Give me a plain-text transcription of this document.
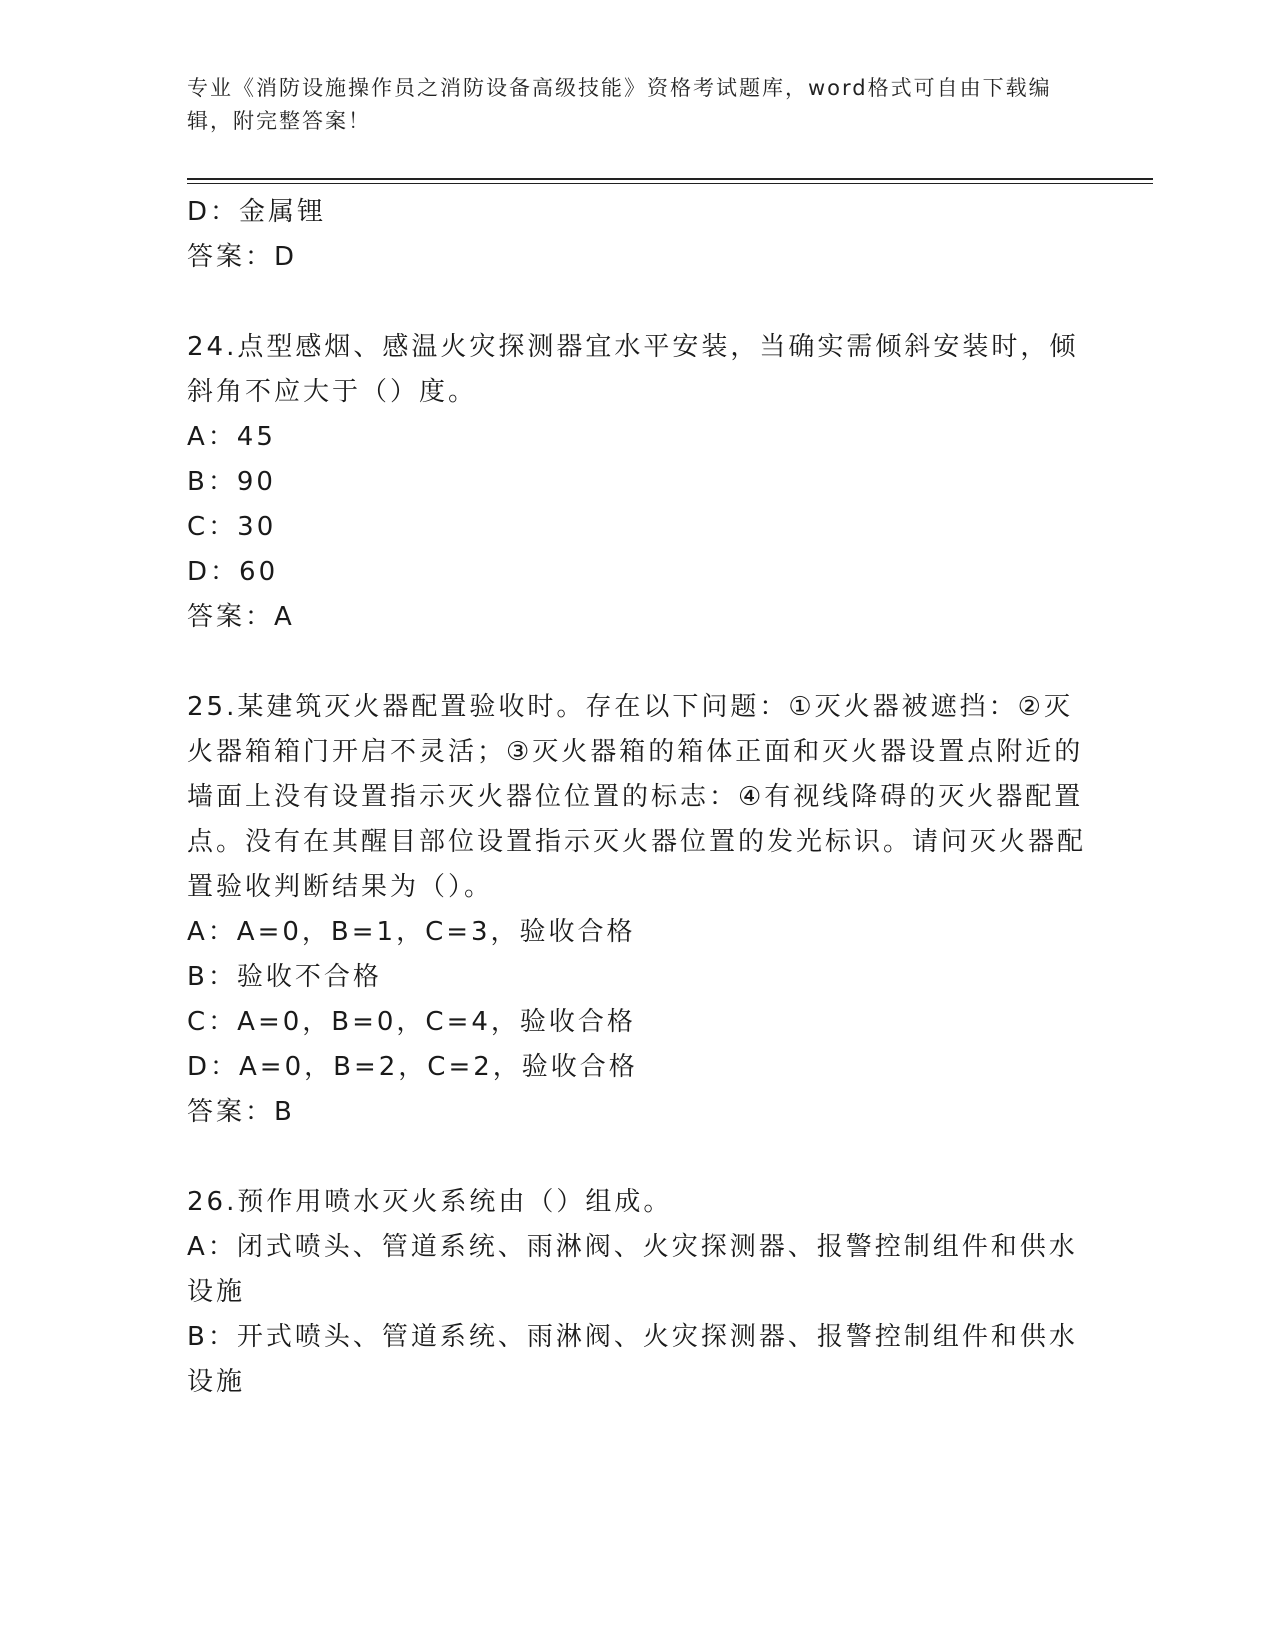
专业《消防设施操作员之消防设备高级技能》资格考试题库，word格式可自由下载编辑，附完整答案！
D：金属锂
答案：D
24.点型感烟、感温火灾探测器宜水平安装，当确实需倾斜安装时，倾斜角不应大于（）度。
A：45
B：90
C：30
D：60
答案：A
25.某建筑灭火器配置验收时。存在以下问题：①灭火器被遮挡：②灭火器箱箱门开启不灵活；③灭火器箱的箱体正面和灭火器设置点附近的墙面上没有设置指示灭火器位位置的标志：④有视线降碍的灭火器配置点。没有在其醒目部位设置指示灭火器位置的发光标识。请问灭火器配置验收判断结果为（）。
A：A=0，B=1，C=3，验收合格
B：验收不合格
C：A=0，B=0，C=4，验收合格
D：A=0，B=2，C=2，验收合格
答案：B
26.预作用喷水灭火系统由（）组成。
A：闭式喷头、管道系统、雨淋阀、火灾探测器、报警控制组件和供水设施
B：开式喷头、管道系统、雨淋阀、火灾探测器、报警控制组件和供水设施
